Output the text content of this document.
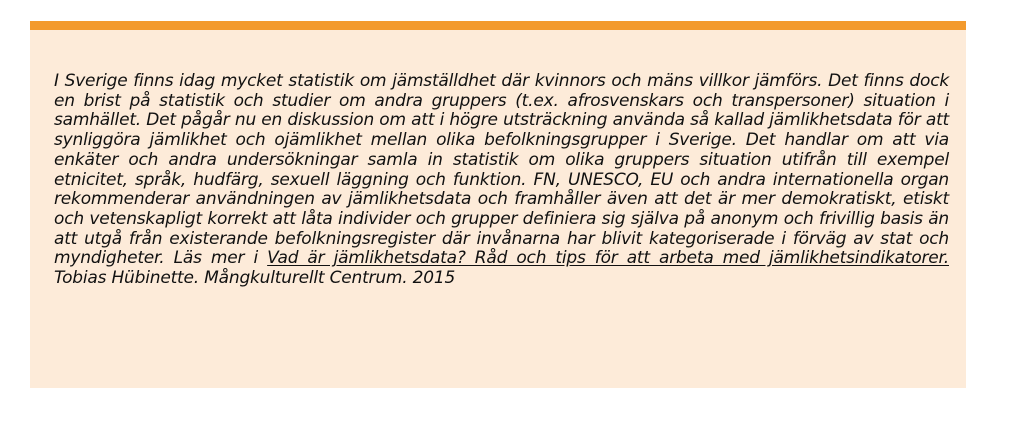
I Sverige finns idag mycket statistik om jämställdhet där kvinnors och mäns villkor jämförs. Det finns dock en brist på statistik och studier om andra gruppers (t.ex. afrosvenskars och transpersoner) situation i samhället. Det pågår nu en diskussion om att i högre utsträckning använda så kallad jämlikhetsdata för att synliggöra jämlikhet och ojämlikhet mellan olika befolkningsgrupper i Sverige. Det handlar om att via enkäter och andra undersökningar samla in statistik om olika gruppers situation utifrån till exempel etnicitet, språk, hudfärg, sexuell läggning och funktion. FN, UNESCO, EU och andra internationella organ rekommenderar användningen av jämlikhetsdata och framhåller även att det är mer demokratiskt, etiskt och vetenskapligt korrekt att låta individer och grupper definiera sig själva på anonym och frivillig basis än att utgå från existerande befolkningsregister där invånarna har blivit kategoriserade i förväg av stat och myndigheter. Läs mer i Vad är jämlikhetsdata? Råd och tips för att arbeta med jämlikhetsindikatorer. Tobias Hübinette. Mångkulturellt Centrum. 2015
